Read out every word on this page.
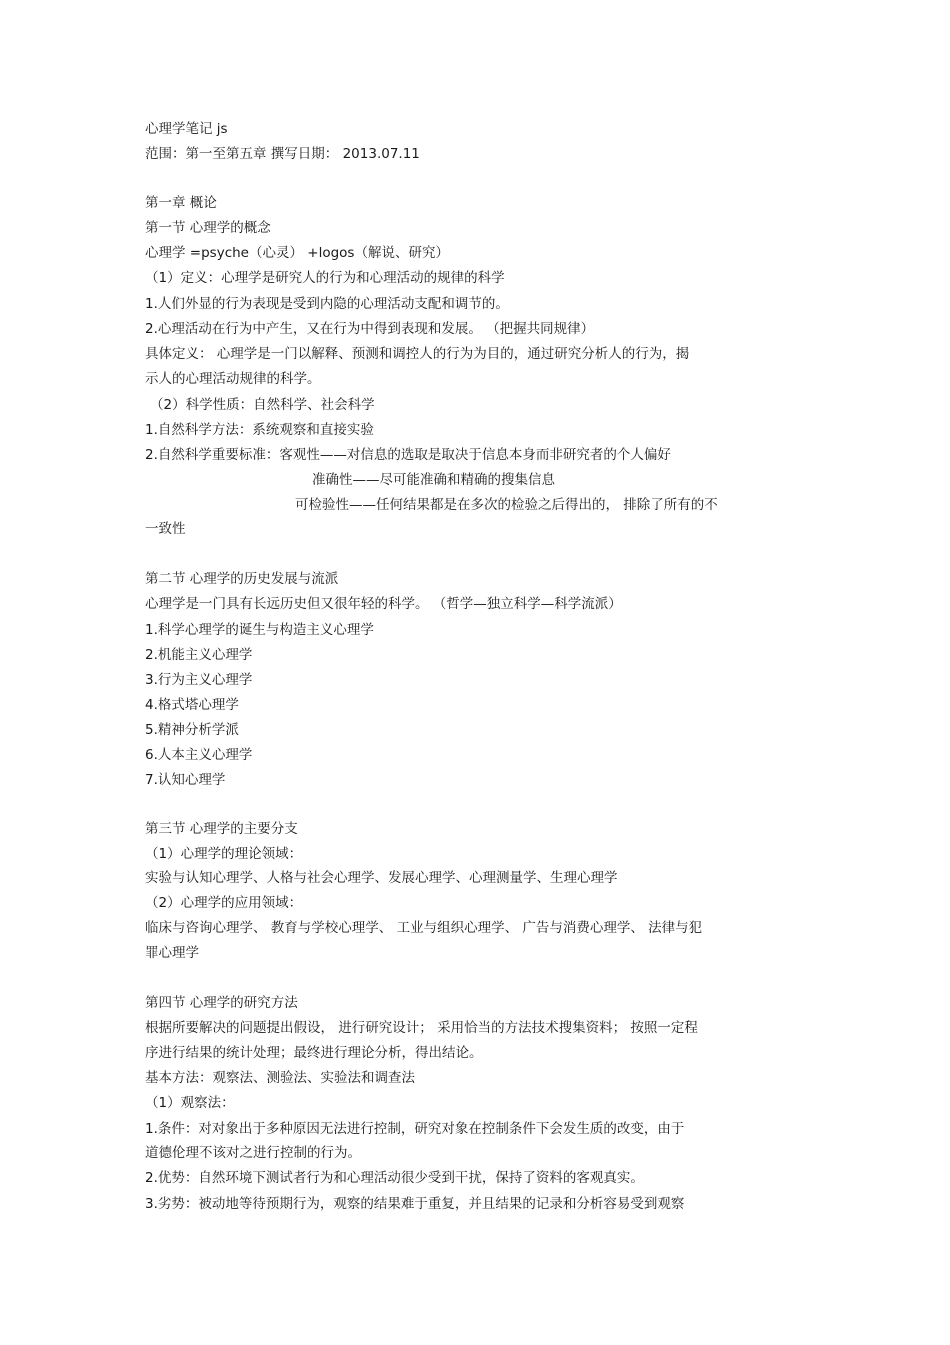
心理学笔记 js

范围：第一至第五章 撰写日期： 2013.07.11

第一章 概论

第一节 心理学的概念

心理学 =psyche（心灵） +logos（解说、研究）

（1）定义：心理学是研究人的行为和心理活动的规律的科学

1.人们外显的行为表现是受到内隐的心理活动支配和调节的。

2.心理活动在行为中产生，又在行为中得到表现和发展。 （把握共同规律）

具体定义： 心理学是一门以解释、预测和调控人的行为为目的，通过研究分析人的行为，揭

示人的心理活动规律的科学。

（2）科学性质：自然科学、社会科学

1.自然科学方法：系统观察和直接实验

2.自然科学重要标准：客观性——对信息的选取是取决于信息本身而非研究者的个人偏好

准确性——尽可能准确和精确的搜集信息

可检验性——任何结果都是在多次的检验之后得出的， 排除了所有的不

一致性

第二节 心理学的历史发展与流派

心理学是一门具有长远历史但又很年轻的科学。 （哲学—独立科学—科学流派）

1.科学心理学的诞生与构造主义心理学

2.机能主义心理学

3.行为主义心理学

4.格式塔心理学

5.精神分析学派

6.人本主义心理学

7.认知心理学

第三节 心理学的主要分支

（1）心理学的理论领域：

实验与认知心理学、人格与社会心理学、发展心理学、心理测量学、生理心理学

（2）心理学的应用领域：

临床与咨询心理学、 教育与学校心理学、 工业与组织心理学、 广告与消费心理学、 法律与犯

罪心理学

第四节 心理学的研究方法

根据所要解决的问题提出假设， 进行研究设计； 采用恰当的方法技术搜集资料； 按照一定程

序进行结果的统计处理；最终进行理论分析，得出结论。

基本方法：观察法、测验法、实验法和调查法

（1）观察法：

1.条件：对对象出于多种原因无法进行控制，研究对象在控制条件下会发生质的改变，由于

道德伦理不该对之进行控制的行为。

2.优势：自然环境下测试者行为和心理活动很少受到干扰，保持了资料的客观真实。

3.劣势：被动地等待预期行为，观察的结果难于重复，并且结果的记录和分析容易受到观察
